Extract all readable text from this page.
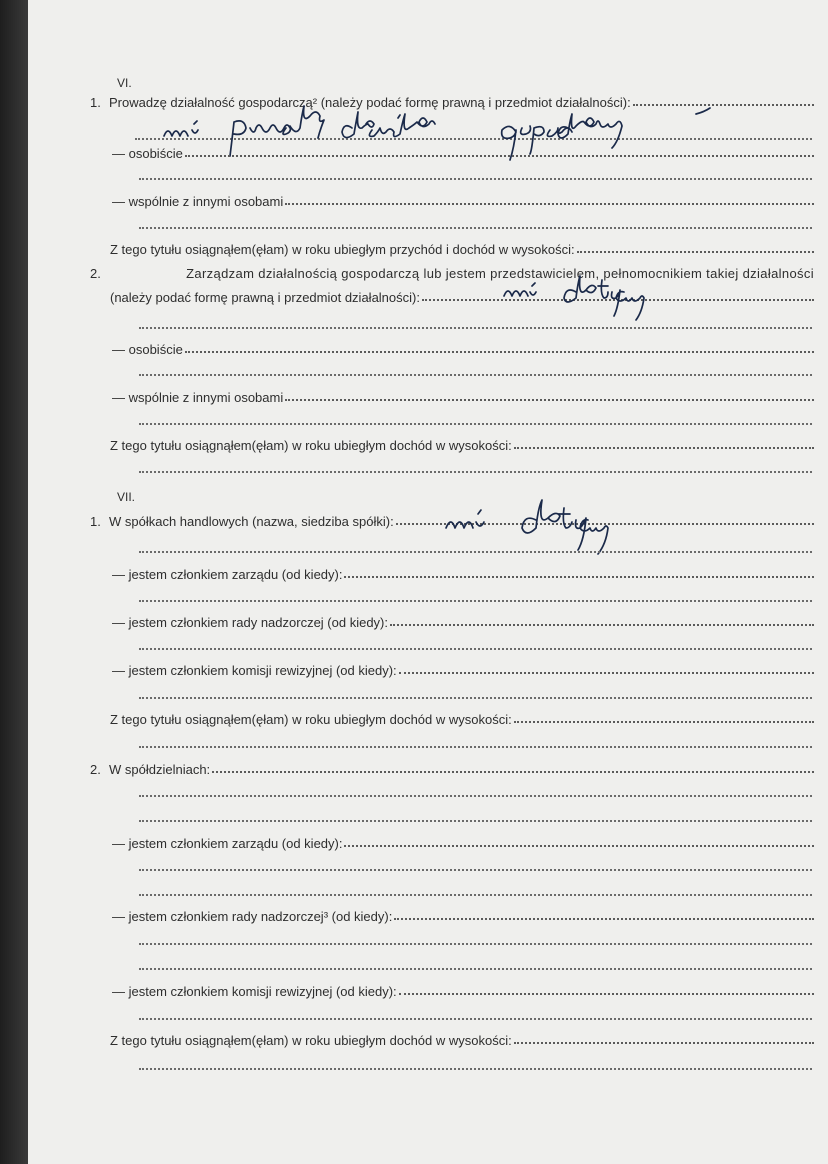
VI.
1. Prowadzę działalność gospodarczą² (należy podać formę prawną i przedmiot działalności):
— osobiście
— wspólnie z innymi osobami
Z tego tytułu osiągnąłem(ęłam) w roku ubiegłym przychód i dochód w wysokości:
2.	Zarządzam działalnością gospodarczą lub jestem przedstawicielem, pełnomocnikiem takiej działalności
(należy podać formę prawną i przedmiot działalności):
— osobiście
— wspólnie z innymi osobami
Z tego tytułu osiągnąłem(ęłam) w roku ubiegłym dochód w wysokości:
VII.
1. W spółkach handlowych (nazwa, siedziba spółki):
— jestem członkiem zarządu (od kiedy):
— jestem członkiem rady nadzorczej (od kiedy):
— jestem członkiem komisji rewizyjnej (od kiedy):
Z tego tytułu osiągnąłem(ęłam) w roku ubiegłym dochód w wysokości:
2. W spółdzielniach:
— jestem członkiem zarządu (od kiedy):
— jestem członkiem rady nadzorczej³ (od kiedy):
— jestem członkiem komisji rewizyjnej (od kiedy):
Z tego tytułu osiągnąłem(ęłam) w roku ubiegłym dochód w wysokości:
